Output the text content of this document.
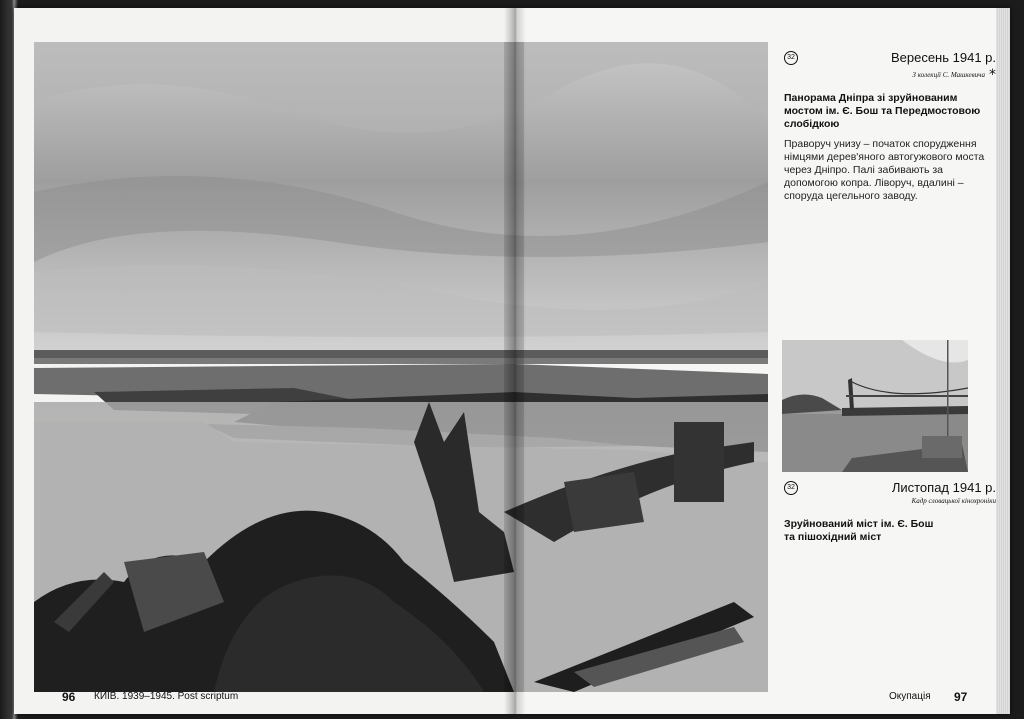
96 КИЇВ. 1939–1945. Post scriptum	Окупація 97
32	Вересень 1941 р.
З колекції С. Машкевича *
Панорама Дніпра зі зруйнованим мостом ім. Є. Бош та Передмостовою слобідкою
Праворуч унизу – початок спорудження німцями дерев'яного автогужового моста через Дніпро. Палі забивають за допомогою копра. Ліворуч, вдалині – споруда цегельного заводу.
32	Листопад 1941 р.
Кадр словацької кінохроніки
Зруйнований міст ім. Є. Бош та пішохідний міст
